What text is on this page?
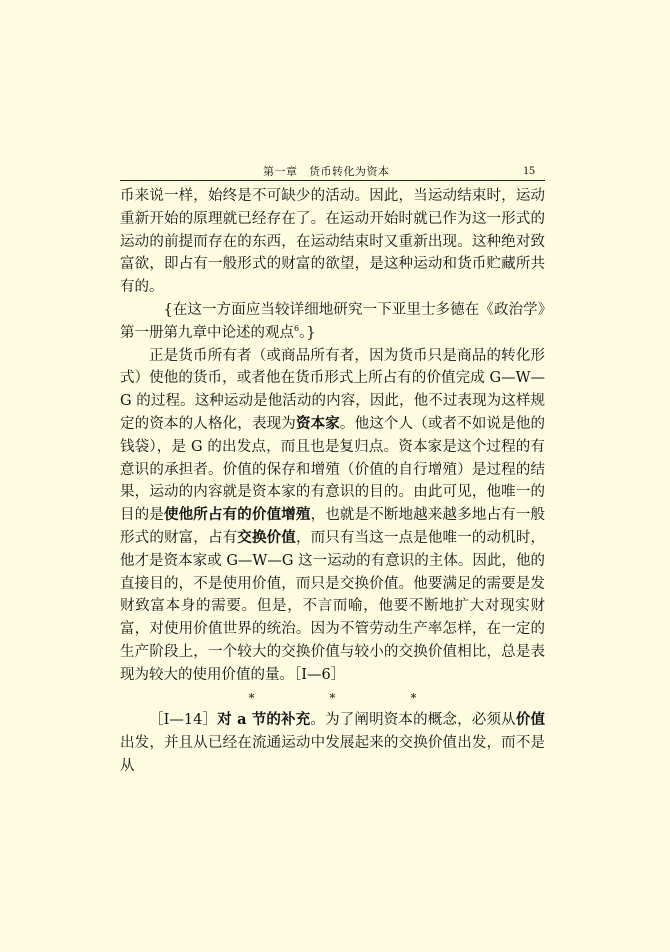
第一章　货币转化为资本	15

币来说一样，始终是不可缺少的活动。因此，当运动结束时，运动重新开始的原理就已经存在了。在运动开始时就已作为这一形式的运动的前提而存在的东西，在运动结束时又重新出现。这种绝对致富欲，即占有一般形式的财富的欲望，是这种运动和货币贮藏所共有的。

{在这一方面应当较详细地研究一下亚里士多德在《政治学》第一册第九章中论述的观点$^6$。}

正是货币所有者（或商品所有者，因为货币只是商品的转化形式）使他的货币，或者他在货币形式上所占有的价值完成 G—W—G 的过程。这种运动是他活动的内容，因此，他不过表现为这样规定的资本的人格化，表现为资本家。他这个人（或者不如说是他的钱袋），是 G 的出发点，而且也是复归点。资本家是这个过程的有意识的承担者。价值的保存和增殖（价值的自行增殖）是过程的结果，运动的内容就是资本家的有意识的目的。由此可见，他唯一的目的是使他所占有的价值增殖，也就是不断地越来越多地占有一般形式的财富，占有交换价值，而只有当这一点是他唯一的动机时，他才是资本家或 G—W—G 这一运动的有意识的主体。因此，他的直接目的，不是使用价值，而只是交换价值。他要满足的需要是发财致富本身的需要。但是，不言而喻，他要不断地扩大对现实财富，对使用价值世界的统治。因为不管劳动生产率怎样，在一定的生产阶段上，一个较大的交换价值与较小的交换价值相比，总是表现为较大的使用价值的量。［I—6］

***

［I—14］对 a 节的补充。为了阐明资本的概念，必须从价值出发，并且从已经在流通运动中发展起来的交换价值出发，而不是从
